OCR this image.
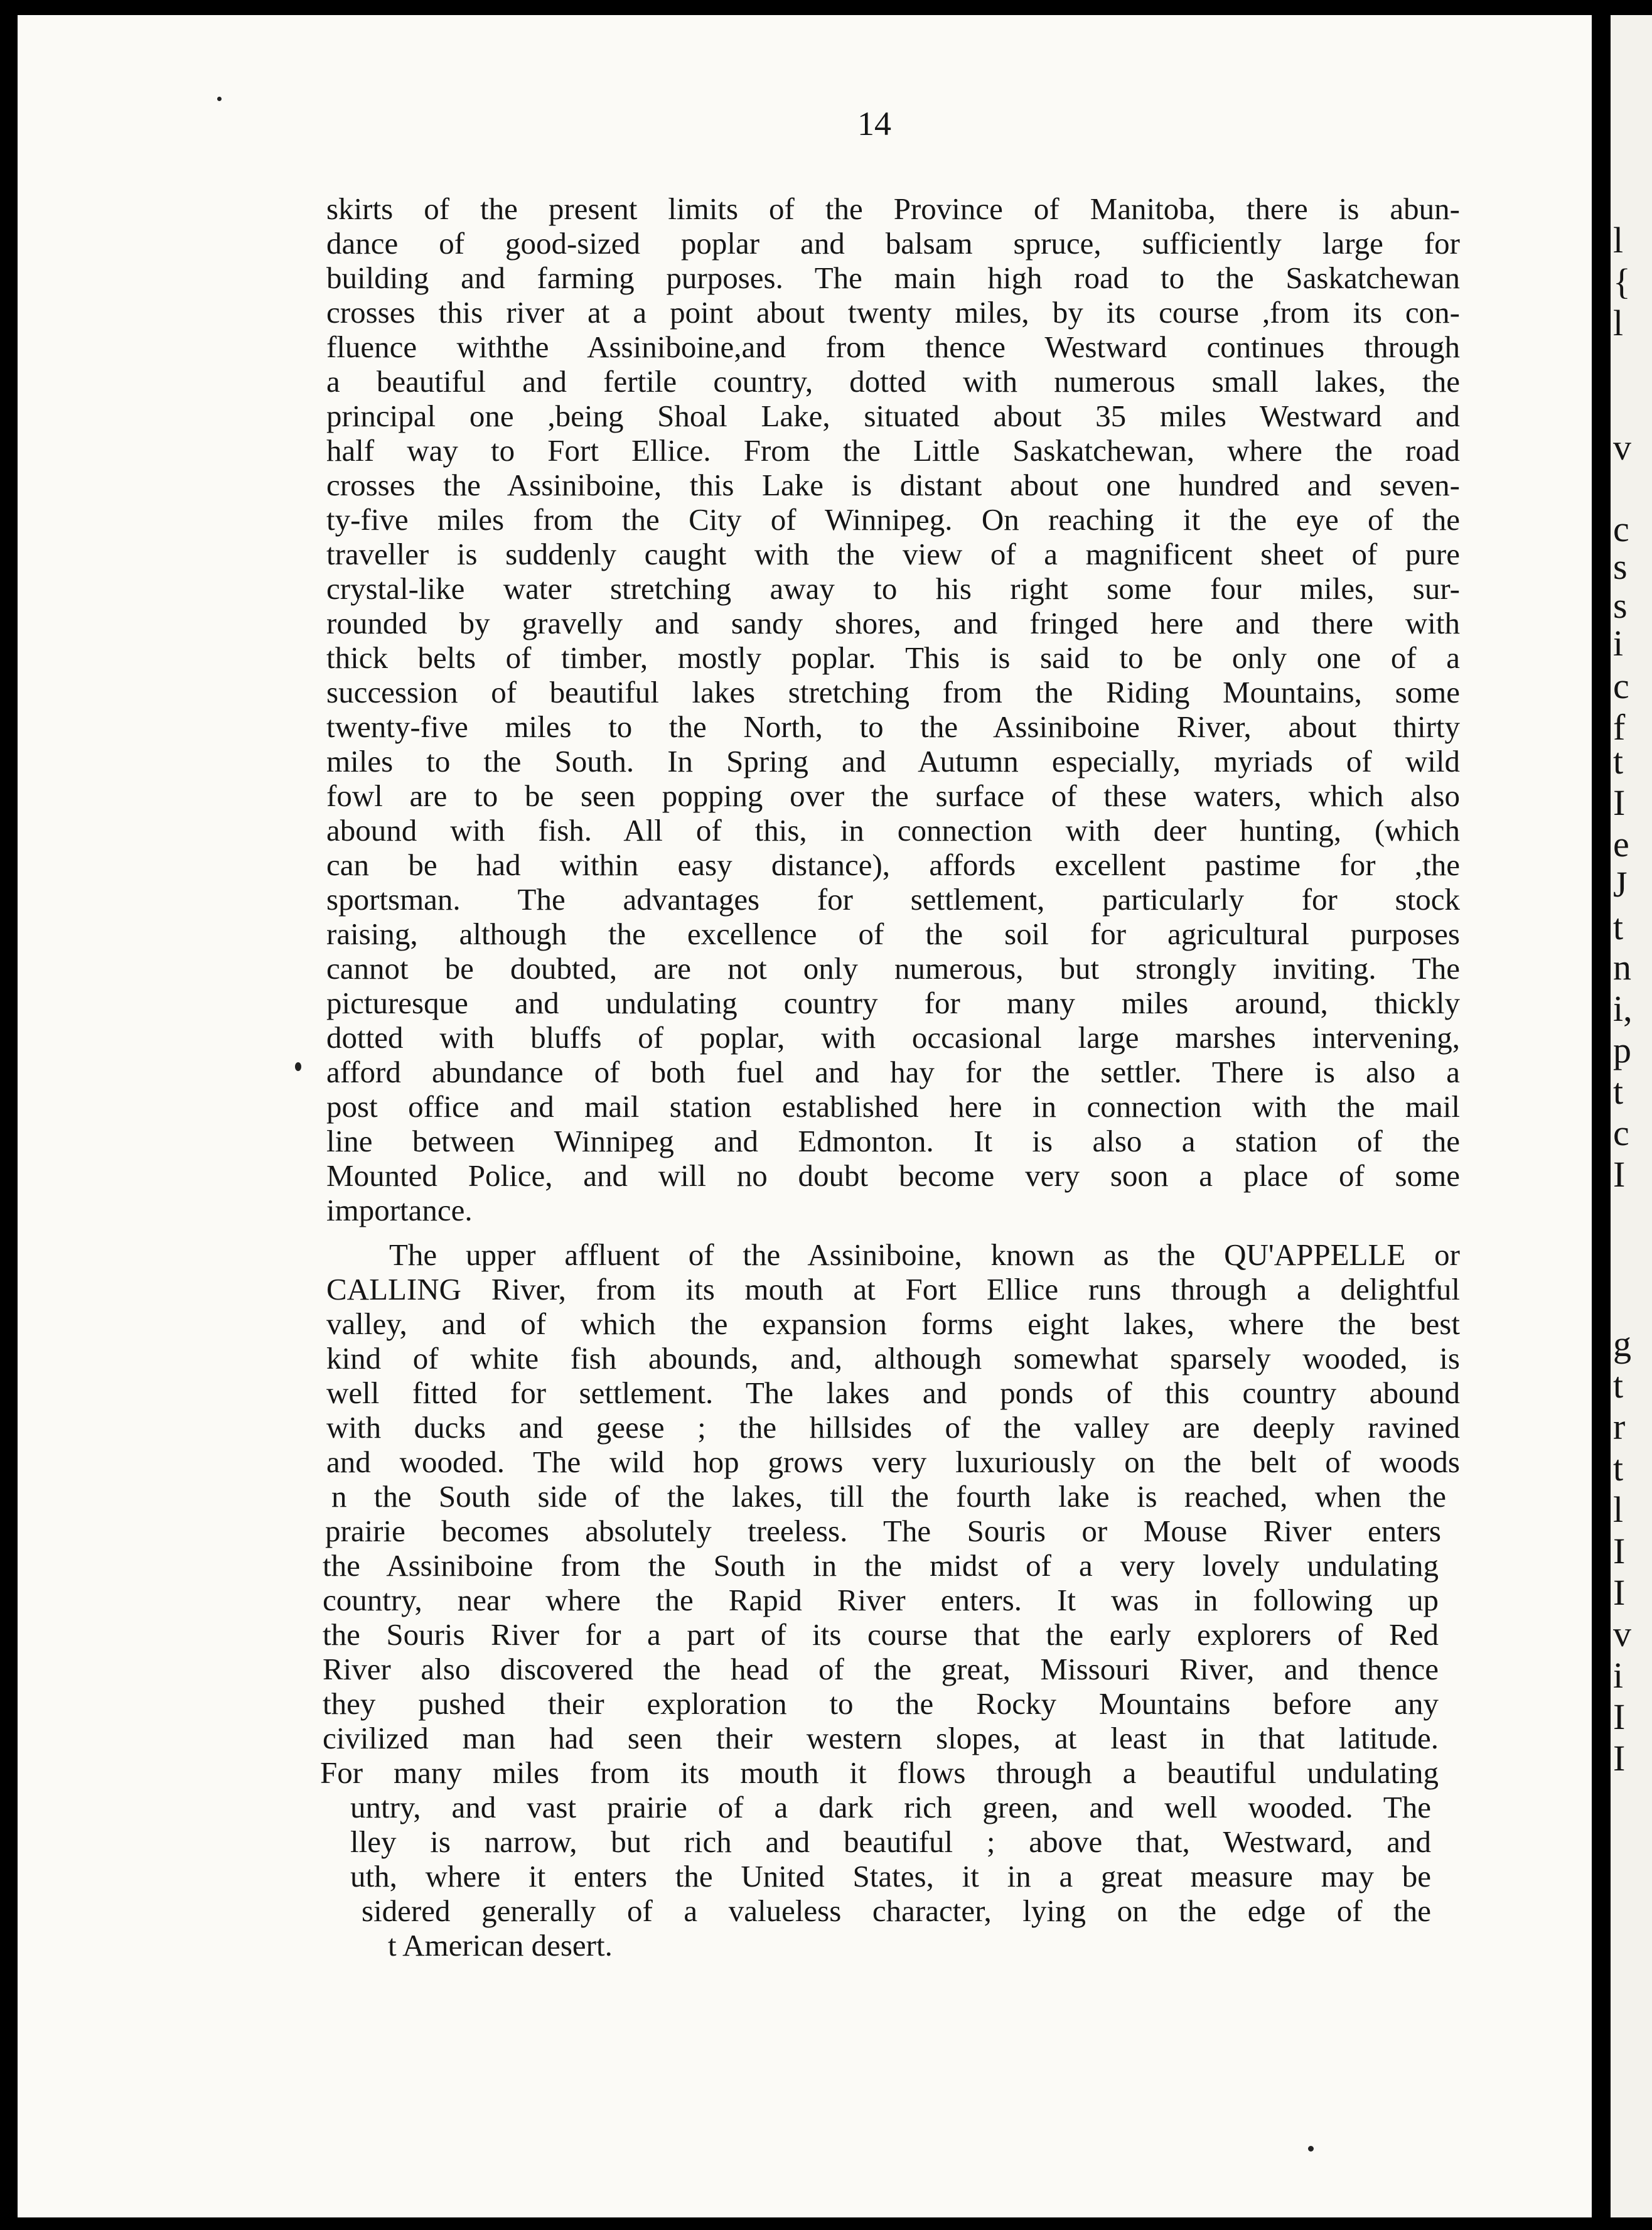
14
skirts of the present limits of the Province of Manitoba, there is abun-
dance of good-sized poplar and balsam spruce, sufficiently large for
building and farming purposes. The main high road to the Saskatchewan
crosses this river at a point about twenty miles, by its course ,from its con-
fluence withthe Assiniboine,and from thence Westward continues through
a beautiful and fertile country, dotted with numerous small lakes, the
principal one ,being Shoal Lake, situated about 35 miles Westward and
half way to Fort Ellice. From the Little Saskatchewan, where the road
crosses the Assiniboine, this Lake is distant about one hundred and seven-
ty-five miles from the City of Winnipeg. On reaching it the eye of the
traveller is suddenly caught with the view of a magnificent sheet of pure
crystal-like water stretching away to his right some four miles, sur-
rounded by gravelly and sandy shores, and fringed here and there with
thick belts of timber, mostly poplar. This is said to be only one of a
succession of beautiful lakes stretching from the Riding Mountains, some
twenty-five miles to the North, to the Assiniboine River, about thirty
miles to the South. In Spring and Autumn especially, myriads of wild
fowl are to be seen popping over the surface of these waters, which also
abound with fish. All of this, in connection with deer hunting, (which
can be had within easy distance), affords excellent pastime for ,the
sportsman. The advantages for settlement, particularly for stock
raising, although the excellence of the soil for agricultural purposes
cannot be doubted, are not only numerous, but strongly inviting. The
picturesque and undulating country for many miles around, thickly
dotted with bluffs of poplar, with occasional large marshes intervening,
afford abundance of both fuel and hay for the settler. There is also a
post office and mail station established here in connection with the mail
line between Winnipeg and Edmonton. It is also a station of the
Mounted Police, and will no doubt become very soon a place of some
importance.
The upper affluent of the Assiniboine, known as the QU'APPELLE or
CALLING River, from its mouth at Fort Ellice runs through a delightful
valley, and of which the expansion forms eight lakes, where the best
kind of white fish abounds, and, although somewhat sparsely wooded, is
well fitted for settlement. The lakes and ponds of this country abound
with ducks and geese ; the hillsides of the valley are deeply ravined
and wooded. The wild hop grows very luxuriously on the belt of woods
n the South side of the lakes, till the fourth lake is reached, when the
prairie becomes absolutely treeless. The Souris or Mouse River enters
the Assiniboine from the South in the midst of a very lovely undulating
country, near where the Rapid River enters. It was in following up
the Souris River for a part of its course that the early explorers of Red
River also discovered the head of the great, Missouri River, and thence
they pushed their exploration to the Rocky Mountains before any
civilized man had seen their western slopes, at least in that latitude.
For many miles from its mouth it flows through a beautiful undulating
untry, and vast prairie of a dark rich green, and well wooded. The
lley is narrow, but rich and beautiful ; above that, Westward, and
uth, where it enters the United States, it in a great measure may be
sidered generally of a valueless character, lying on the edge of the
t American desert.
l
{
l
v
c
s
s
i
c
f
t
I
e
J
t
n
i,
p
t
c
I
g
t
r
t
l
I
I
v
i
I
I
